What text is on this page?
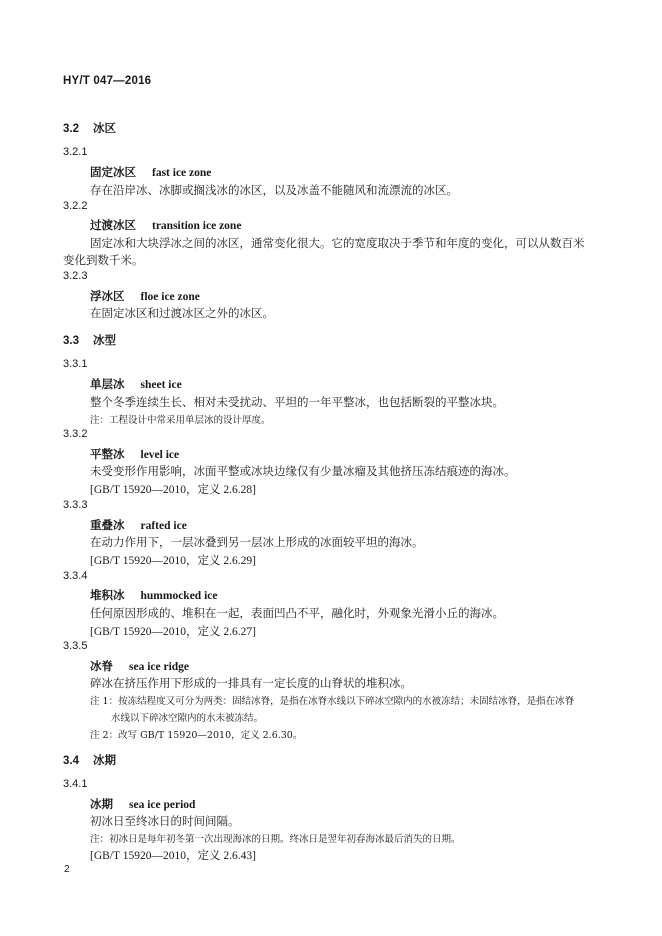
HY/T 047—2016
3.2 冰区
3.2.1
固定冰区 fast ice zone
存在沿岸冰、冰脚或搁浅冰的冰区，以及冰盖不能随风和流漂流的冰区。
3.2.2
过渡冰区 transition ice zone
固定冰和大块浮冰之间的冰区，通常变化很大。它的宽度取决于季节和年度的变化，可以从数百米
变化到数千米。
3.2.3
浮冰区 floe ice zone
在固定冰区和过渡冰区之外的冰区。
3.3 冰型
3.3.1
单层冰 sheet ice
整个冬季连续生长、相对未受扰动、平坦的一年平整冰，也包括断裂的平整冰块。
注：工程设计中常采用单层冰的设计厚度。
3.3.2
平整冰 level ice
未受变形作用影响，冰面平整或冰块边缘仅有少量冰瘤及其他挤压冻结痕迹的海冰。
[GB/T 15920—2010，定义 2.6.28]
3.3.3
重叠冰 rafted ice
在动力作用下，一层冰叠到另一层冰上形成的冰面较平坦的海冰。
[GB/T 15920—2010，定义 2.6.29]
3.3.4
堆积冰 hummocked ice
任何原因形成的、堆积在一起，表面凹凸不平，融化时，外观象光滑小丘的海冰。
[GB/T 15920—2010，定义 2.6.27]
3.3.5
冰脊 sea ice ridge
碎冰在挤压作用下形成的一排具有一定长度的山脊状的堆积冰。
注 1：按冻结程度又可分为两类：固结冰脊，是指在冰脊水线以下碎冰空隙内的水被冻结；未固结冰脊，是指在冰脊
水线以下碎冰空隙内的水未被冻结。
注 2：改写 GB/T 15920—2010，定义 2.6.30。
3.4 冰期
3.4.1
冰期 sea ice period
初冰日至终冰日的时间间隔。
注：初冰日是每年初冬第一次出现海冰的日期。终冰日是翌年初春海冰最后消失的日期。
[GB/T 15920—2010，定义 2.6.43]
2
